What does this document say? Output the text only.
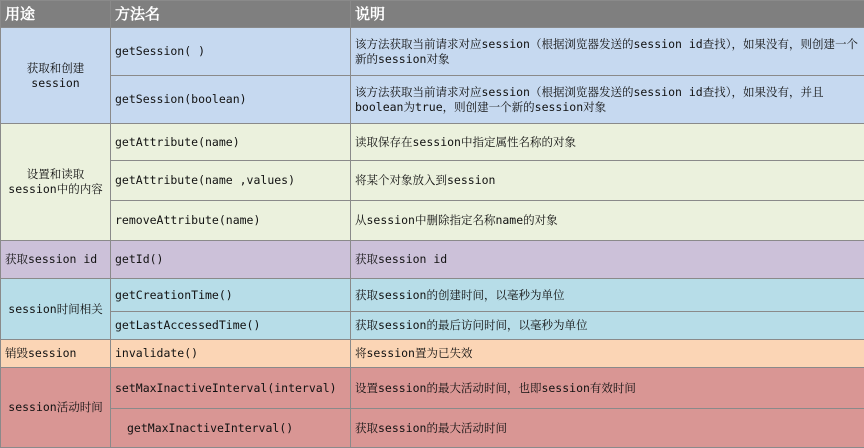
用途	方法名	说明
获取和创建session	getSession( )	该方法获取当前请求对应session（根据浏览器发送的session id查找），如果没有，则创建一个新的session对象
	getSession(boolean)	该方法获取当前请求对应session（根据浏览器发送的session id查找），如果没有，并且boolean为true，则创建一个新的session对象
设置和读取session中的内容	getAttribute(name)	读取保存在session中指定属性名称的对象
	getAttribute(name ,values)	将某个对象放入到session
	removeAttribute(name)	从session中删除指定名称name的对象
获取session id	getId()	获取session id
session时间相关	getCreationTime()	获取session的创建时间，以毫秒为单位
	getLastAccessedTime()	获取session的最后访问时间，以毫秒为单位
销毁session	invalidate()	将session置为已失效
session活动时间	setMaxInactiveInterval(interval)	设置session的最大活动时间，也即session有效时间
	getMaxInactiveInterval()	获取session的最大活动时间
